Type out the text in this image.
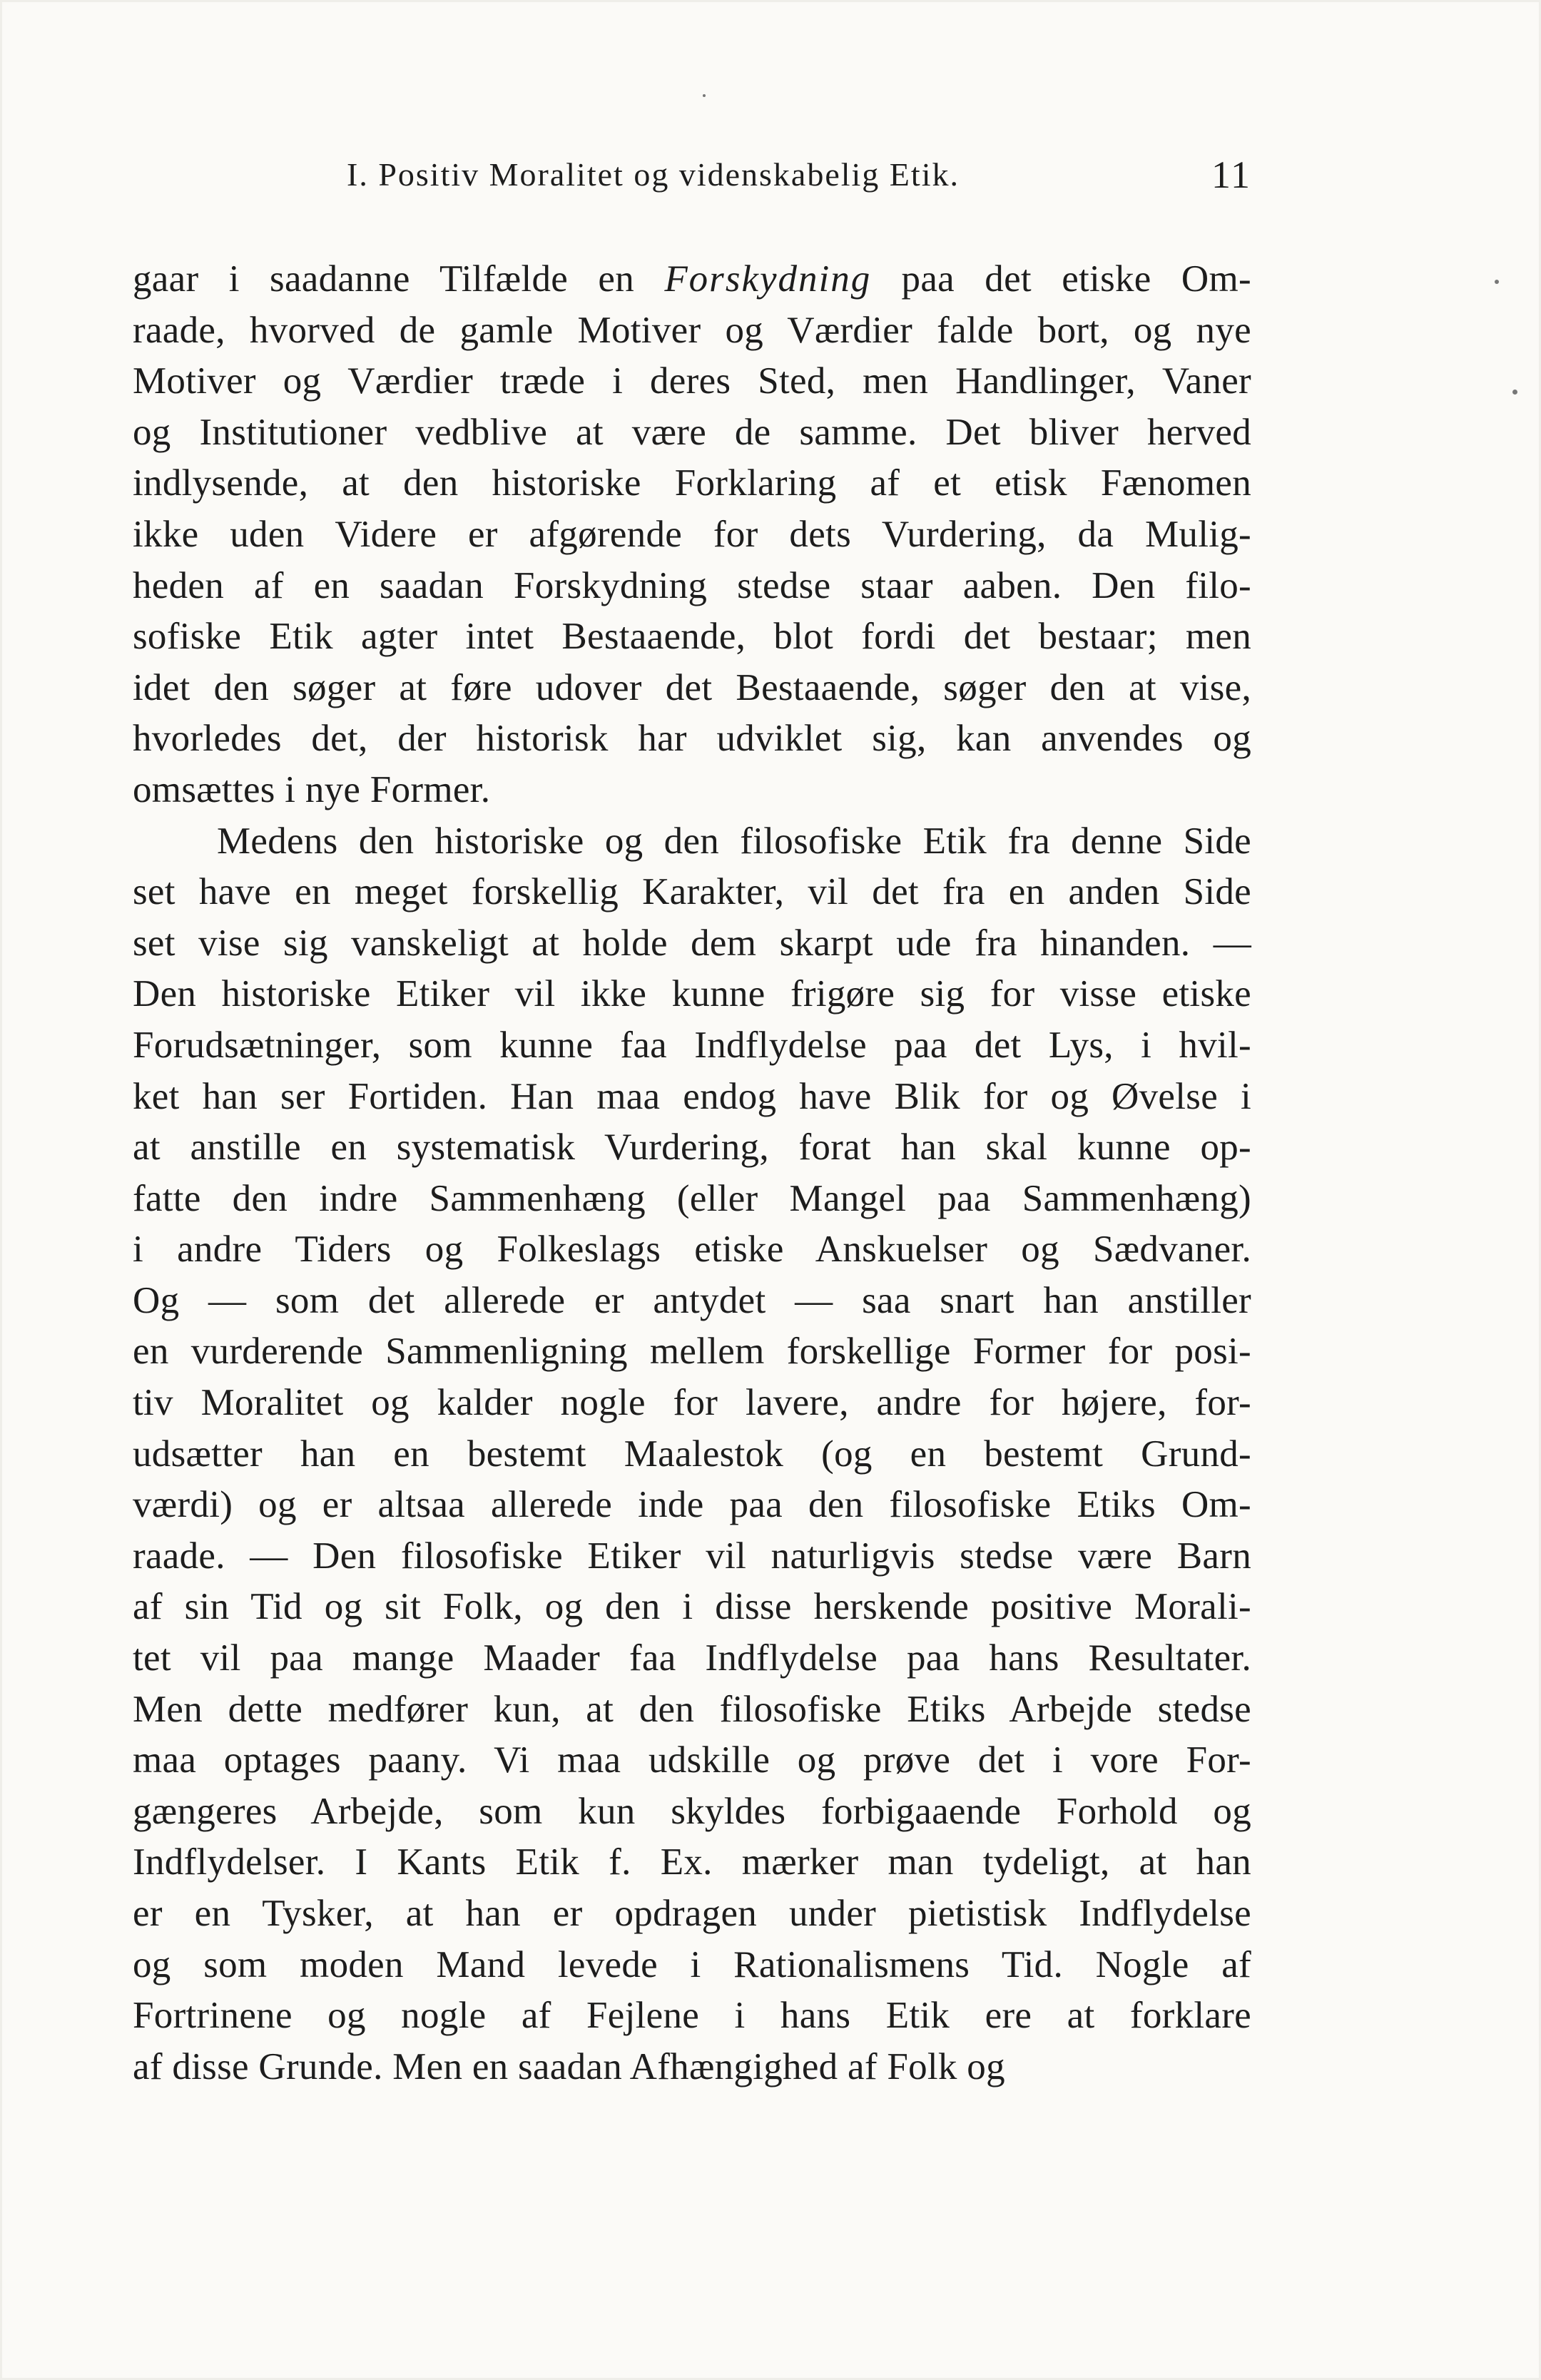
I. Positiv Moralitet og videnskabelig Etik.	11
gaar i saadanne Tilfælde en Forskydning paa det etiske Om-
raade, hvorved de gamle Motiver og Værdier falde bort, og nye
Motiver og Værdier træde i deres Sted, men Handlinger, Vaner
og Institutioner vedblive at være de samme. Det bliver herved
indlysende, at den historiske Forklaring af et etisk Fænomen
ikke uden Videre er afgørende for dets Vurdering, da Mulig-
heden af en saadan Forskydning stedse staar aaben. Den filo-
sofiske Etik agter intet Bestaaende, blot fordi det bestaar; men
idet den søger at føre udover det Bestaaende, søger den at vise,
hvorledes det, der historisk har udviklet sig, kan anvendes og
omsættes i nye Former.
Medens den historiske og den filosofiske Etik fra denne Side
set have en meget forskellig Karakter, vil det fra en anden Side
set vise sig vanskeligt at holde dem skarpt ude fra hinanden. —
Den historiske Etiker vil ikke kunne frigøre sig for visse etiske
Forudsætninger, som kunne faa Indflydelse paa det Lys, i hvil-
ket han ser Fortiden. Han maa endog have Blik for og Øvelse i
at anstille en systematisk Vurdering, forat han skal kunne op-
fatte den indre Sammenhæng (eller Mangel paa Sammenhæng)
i andre Tiders og Folkeslags etiske Anskuelser og Sædvaner.
Og — som det allerede er antydet — saa snart han anstiller
en vurderende Sammenligning mellem forskellige Former for posi-
tiv Moralitet og kalder nogle for lavere, andre for højere, for-
udsætter han en bestemt Maalestok (og en bestemt Grund-
værdi) og er altsaa allerede inde paa den filosofiske Etiks Om-
raade. — Den filosofiske Etiker vil naturligvis stedse være Barn
af sin Tid og sit Folk, og den i disse herskende positive Morali-
tet vil paa mange Maader faa Indflydelse paa hans Resultater.
Men dette medfører kun, at den filosofiske Etiks Arbejde stedse
maa optages paany. Vi maa udskille og prøve det i vore For-
gængeres Arbejde, som kun skyldes forbigaaende Forhold og
Indflydelser. I Kants Etik f. Ex. mærker man tydeligt, at han
er en Tysker, at han er opdragen under pietistisk Indflydelse
og som moden Mand levede i Rationalismens Tid. Nogle af
Fortrinene og nogle af Fejlene i hans Etik ere at forklare
af disse Grunde. Men en saadan Afhængighed af Folk og
